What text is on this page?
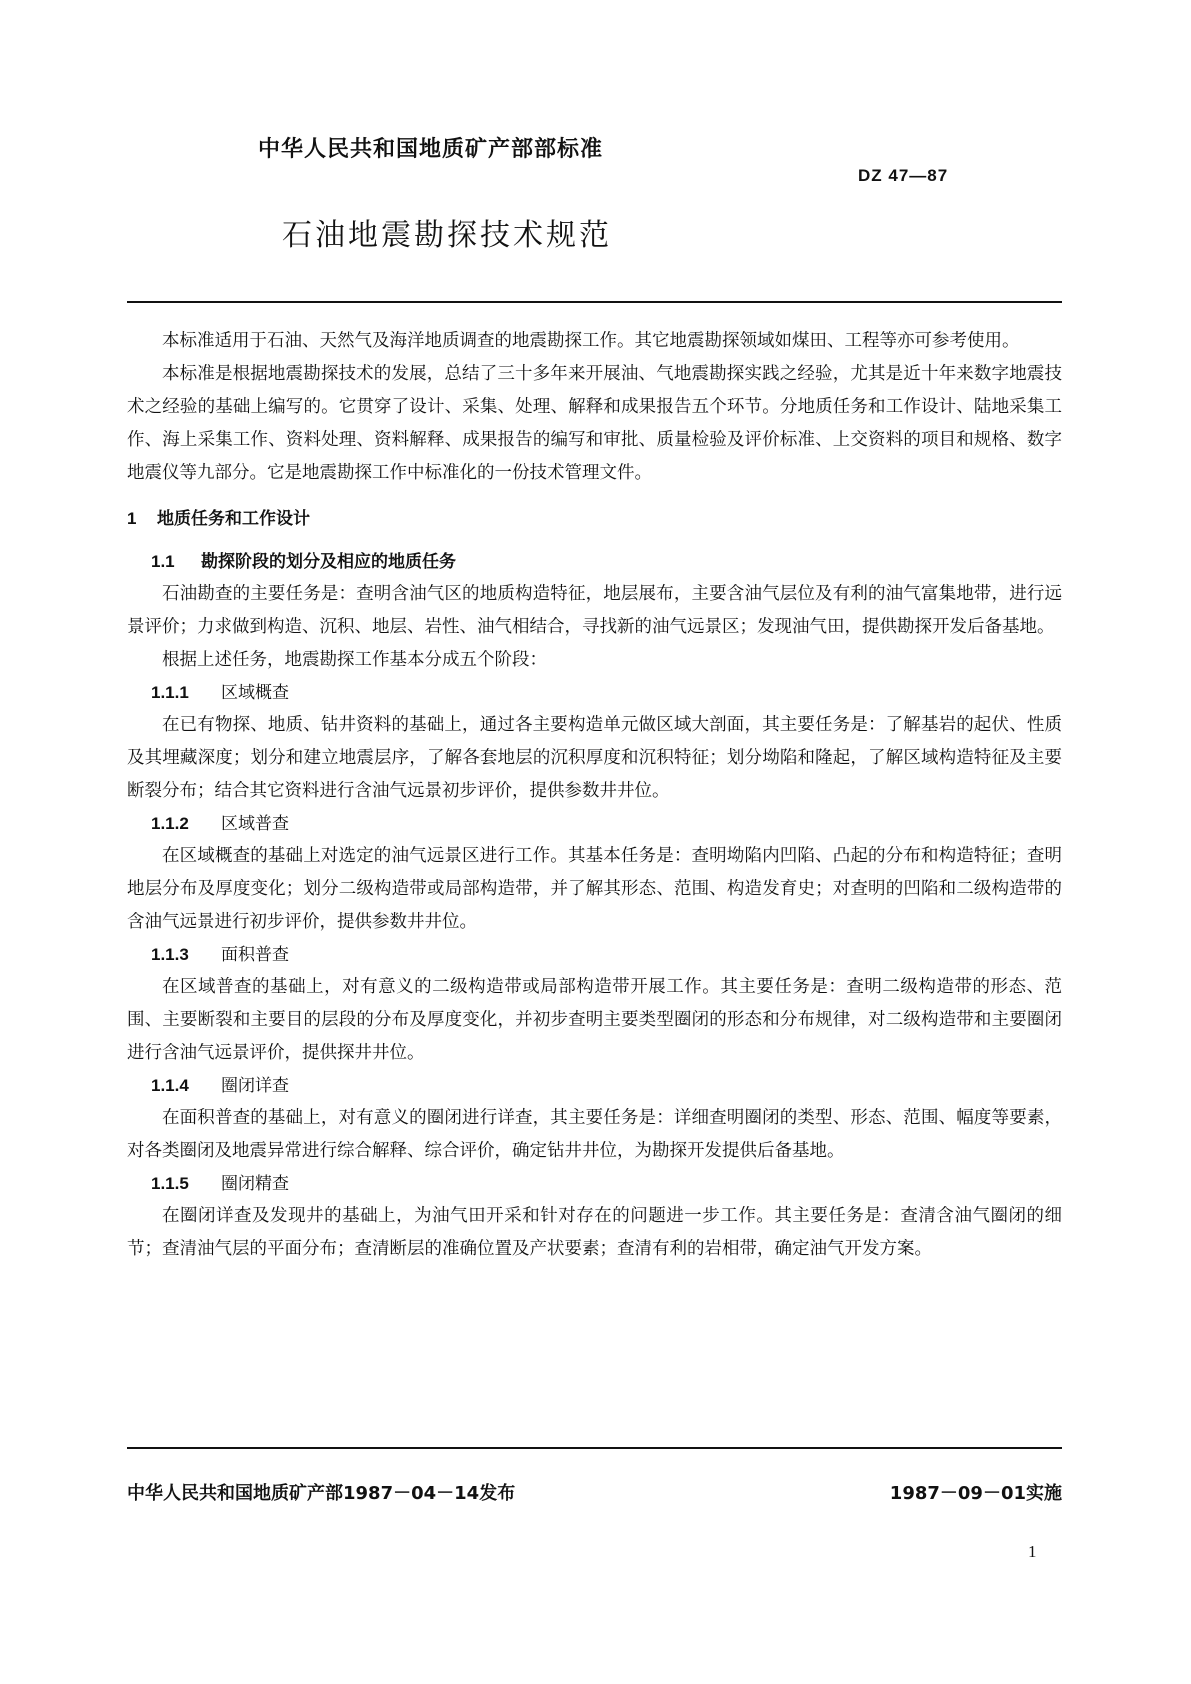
中华人民共和国地质矿产部部标准
DZ 47—87
石油地震勘探技术规范

本标准适用于石油、天然气及海洋地质调查的地震勘探工作。其它地震勘探领域如煤田、工程等亦可参考使用。

本标准是根据地震勘探技术的发展，总结了三十多年来开展油、气地震勘探实践之经验，尤其是近十年来数字地震技术之经验的基础上编写的。它贯穿了设计、采集、处理、解释和成果报告五个环节。分地质任务和工作设计、陆地采集工作、海上采集工作、资料处理、资料解释、成果报告的编写和审批、质量检验及评价标准、上交资料的项目和规格、数字地震仪等九部分。它是地震勘探工作中标准化的一份技术管理文件。

1 地质任务和工作设计
1.1 勘探阶段的划分及相应的地质任务

石油勘查的主要任务是：查明含油气区的地质构造特征，地层展布，主要含油气层位及有利的油气富集地带，进行远景评价；力求做到构造、沉积、地层、岩性、油气相结合，寻找新的油气远景区；发现油气田，提供勘探开发后备基地。

根据上述任务，地震勘探工作基本分成五个阶段：

1.1.1 区域概查

在已有物探、地质、钻井资料的基础上，通过各主要构造单元做区域大剖面，其主要任务是：了解基岩的起伏、性质及其埋藏深度；划分和建立地震层序，了解各套地层的沉积厚度和沉积特征；划分坳陷和隆起，了解区域构造特征及主要断裂分布；结合其它资料进行含油气远景初步评价，提供参数井井位。

1.1.2 区域普查

在区域概查的基础上对选定的油气远景区进行工作。其基本任务是：查明坳陷内凹陷、凸起的分布和构造特征；查明地层分布及厚度变化；划分二级构造带或局部构造带，并了解其形态、范围、构造发育史；对查明的凹陷和二级构造带的含油气远景进行初步评价，提供参数井井位。

1.1.3 面积普查

在区域普查的基础上，对有意义的二级构造带或局部构造带开展工作。其主要任务是：查明二级构造带的形态、范围、主要断裂和主要目的层段的分布及厚度变化，并初步查明主要类型圈闭的形态和分布规律，对二级构造带和主要圈闭进行含油气远景评价，提供探井井位。

1.1.4 圈闭详查

在面积普查的基础上，对有意义的圈闭进行详查，其主要任务是：详细查明圈闭的类型、形态、范围、幅度等要素，对各类圈闭及地震异常进行综合解释、综合评价，确定钻井井位，为勘探开发提供后备基地。

1.1.5 圈闭精查

在圈闭详查及发现井的基础上，为油气田开采和针对存在的问题进一步工作。其主要任务是：查清含油气圈闭的细节；查清油气层的平面分布；查清断层的准确位置及产状要素；查清有利的岩相带，确定油气开发方案。

中华人民共和国地质矿产部1987－04－14发布	1987－09－01实施
1
